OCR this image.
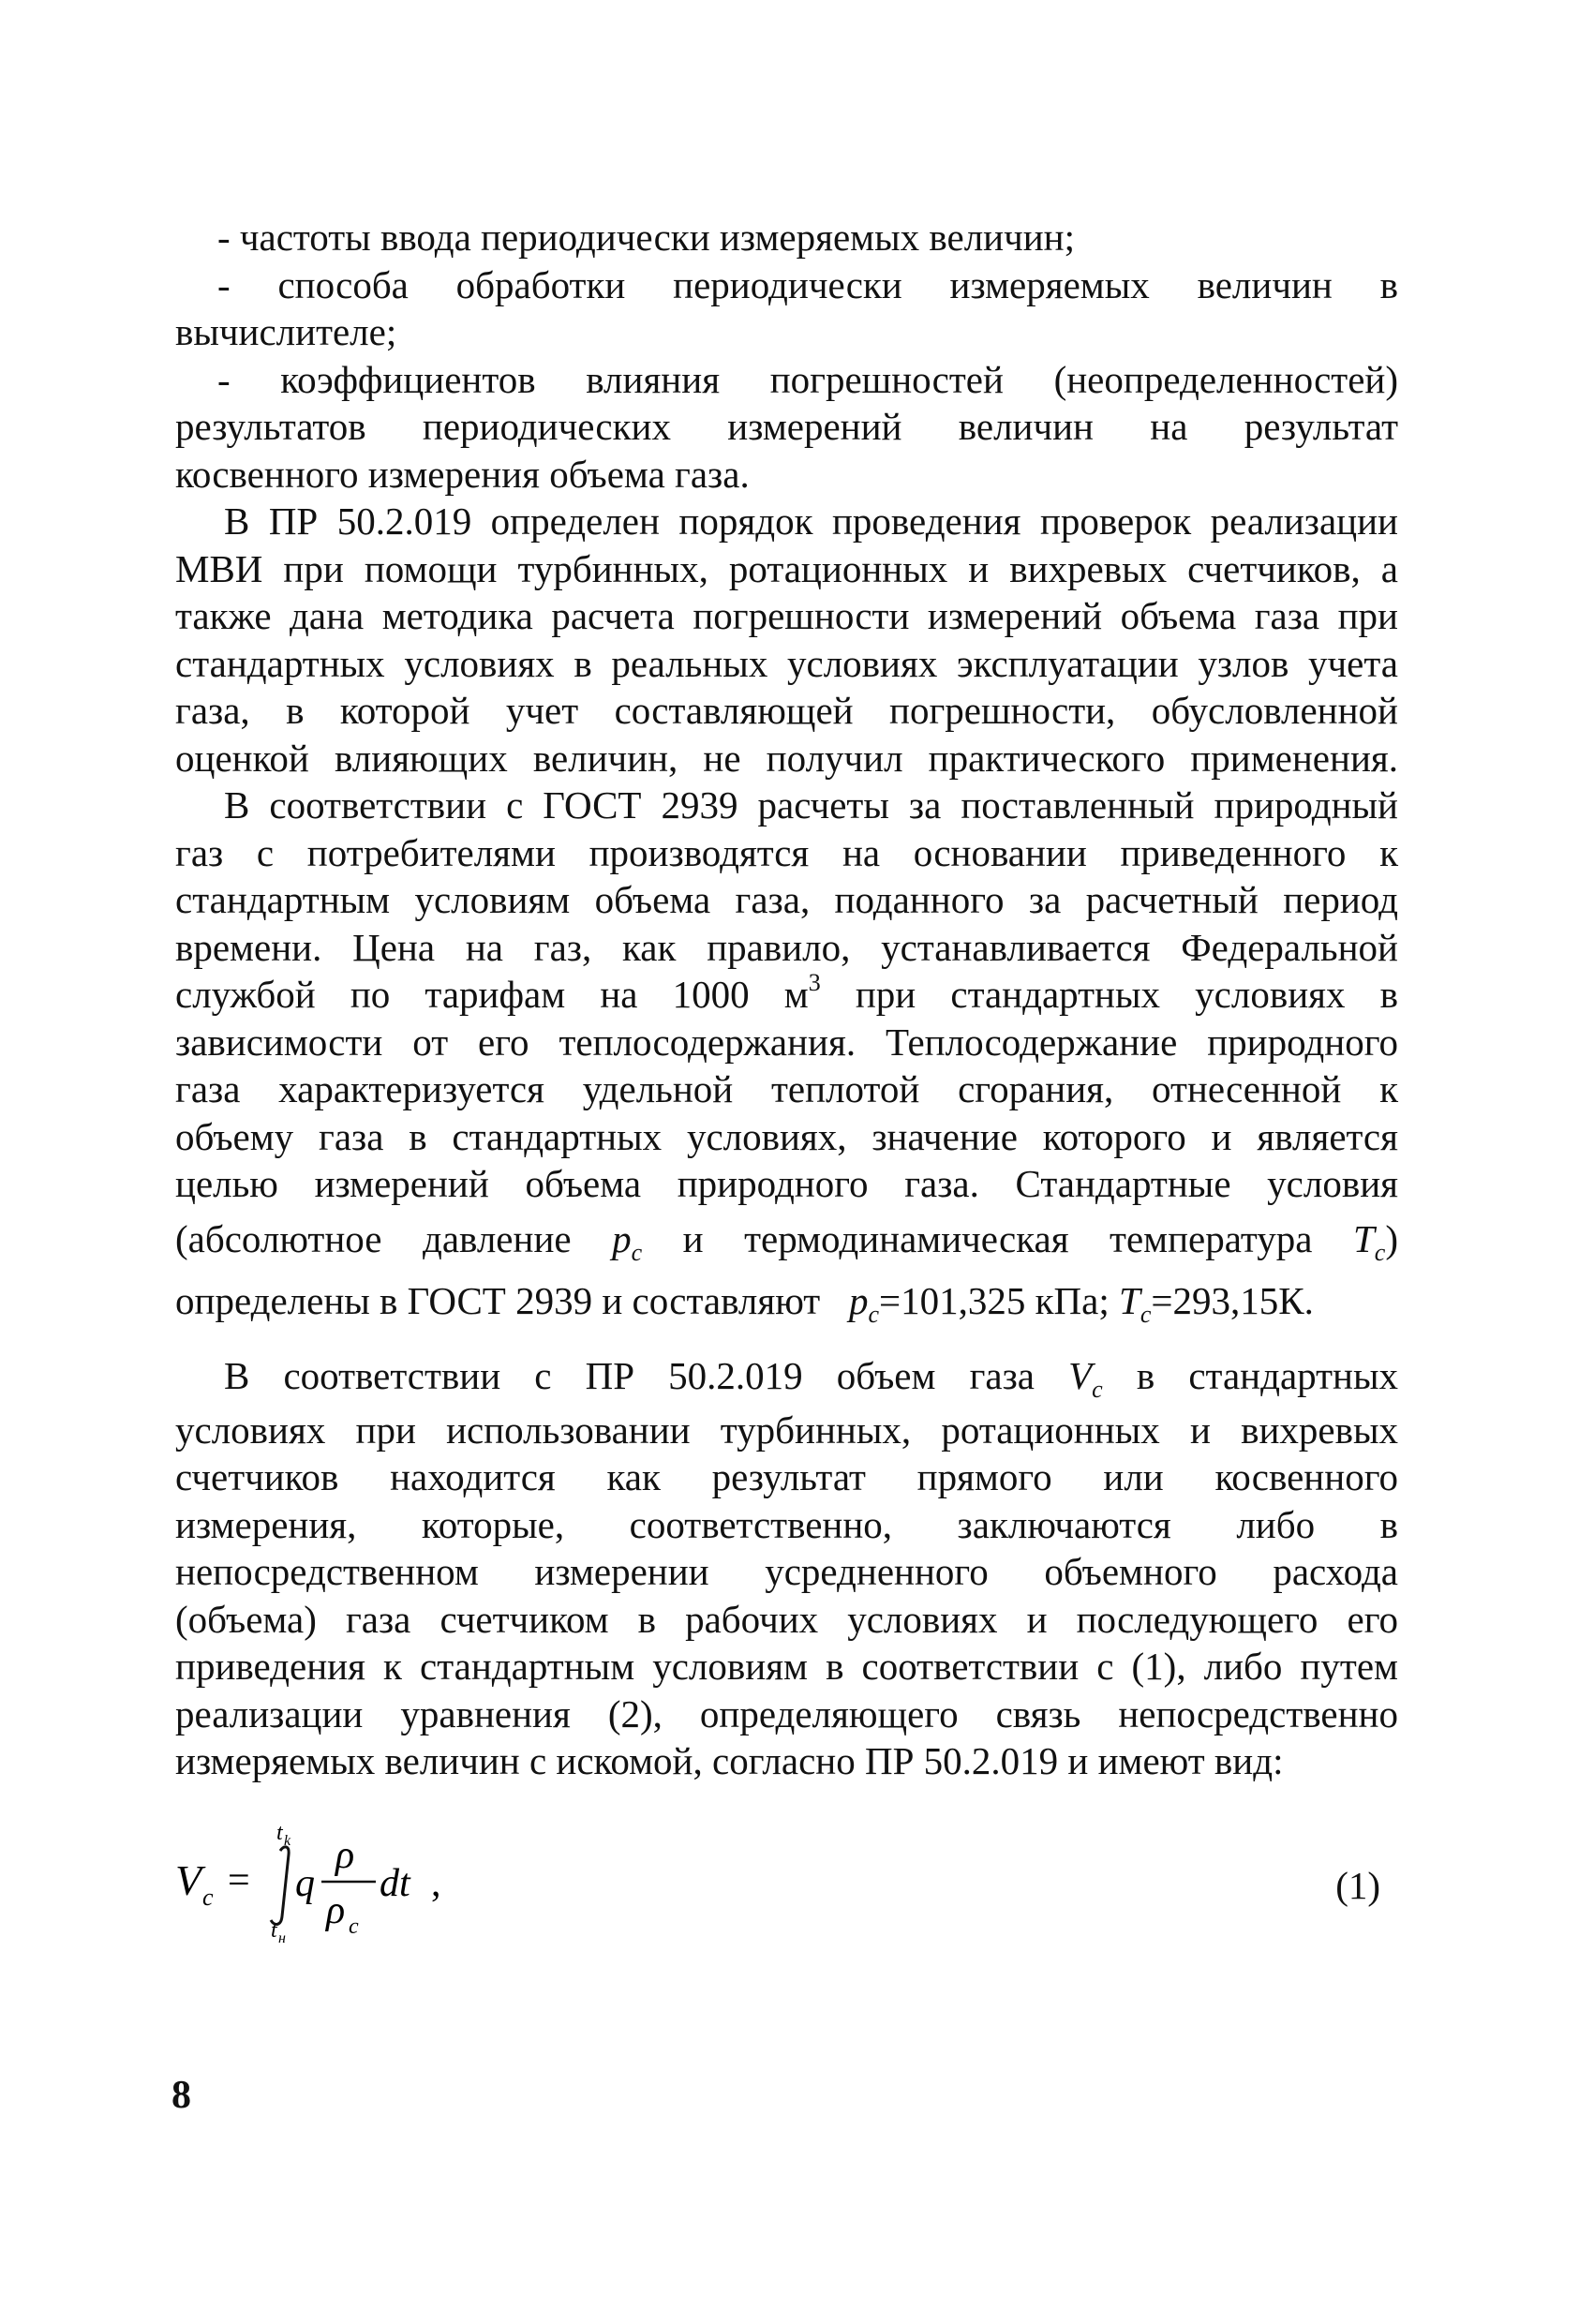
- частоты ввода периодически измеряемых величин;
- способа обработки периодически измеряемых величин в
вычислителе;
- коэффициентов влияния погрешностей (неопределенностей)
результатов периодических измерений величин на результат
косвенного измерения объема газа.
В ПР 50.2.019 определен порядок проведения проверок реализации
МВИ при помощи турбинных, ротационных и вихревых счетчиков, а
также дана методика расчета погрешности измерений объема газа при
стандартных условиях в реальных условиях эксплуатации узлов учета
газа, в которой учет составляющей погрешности, обусловленной
оценкой влияющих величин, не получил практического применения.
В соответствии с ГОСТ 2939 расчеты за поставленный природный
газ с потребителями производятся на основании приведенного к
стандартным условиям объема газа, поданного за расчетный период
времени. Цена на газ, как правило, устанавливается Федеральной
службой по тарифам на 1000 $м^3$ при стандартных условиях в
зависимости от его теплосодержания. Теплосодержание природного
газа характеризуется удельной теплотой сгорания, отнесенной к
объему газа в стандартных условиях, значение которого и является
целью измерений объема природного газа. Стандартные условия
(абсолютное давление $p_c$ и термодинамическая температура $T_c$)
определены в ГОСТ 2939 и составляют $p_c=101,325$ кПа; $T_c=293,15К$.
В соответствии с ПР 50.2.019 объем газа $V_c$ в стандартных
условиях при использовании турбинных, ротационных и вихревых
счетчиков находится как результат прямого или косвенного
измерения, которые, соответственно, заключаются либо в
непосредственном измерении усредненного объемного расхода
(объема) газа счетчиком в рабочих условиях и последующего его
приведения к стандартным условиям в соответствии с (1), либо путем
реализации уравнения (2), определяющего связь непосредственно
измеряемых величин с искомой, согласно ПР 50.2.019 и имеют вид:
V c =
t k
t н
q
ρ
ρ c
dt ,	(1)
8
